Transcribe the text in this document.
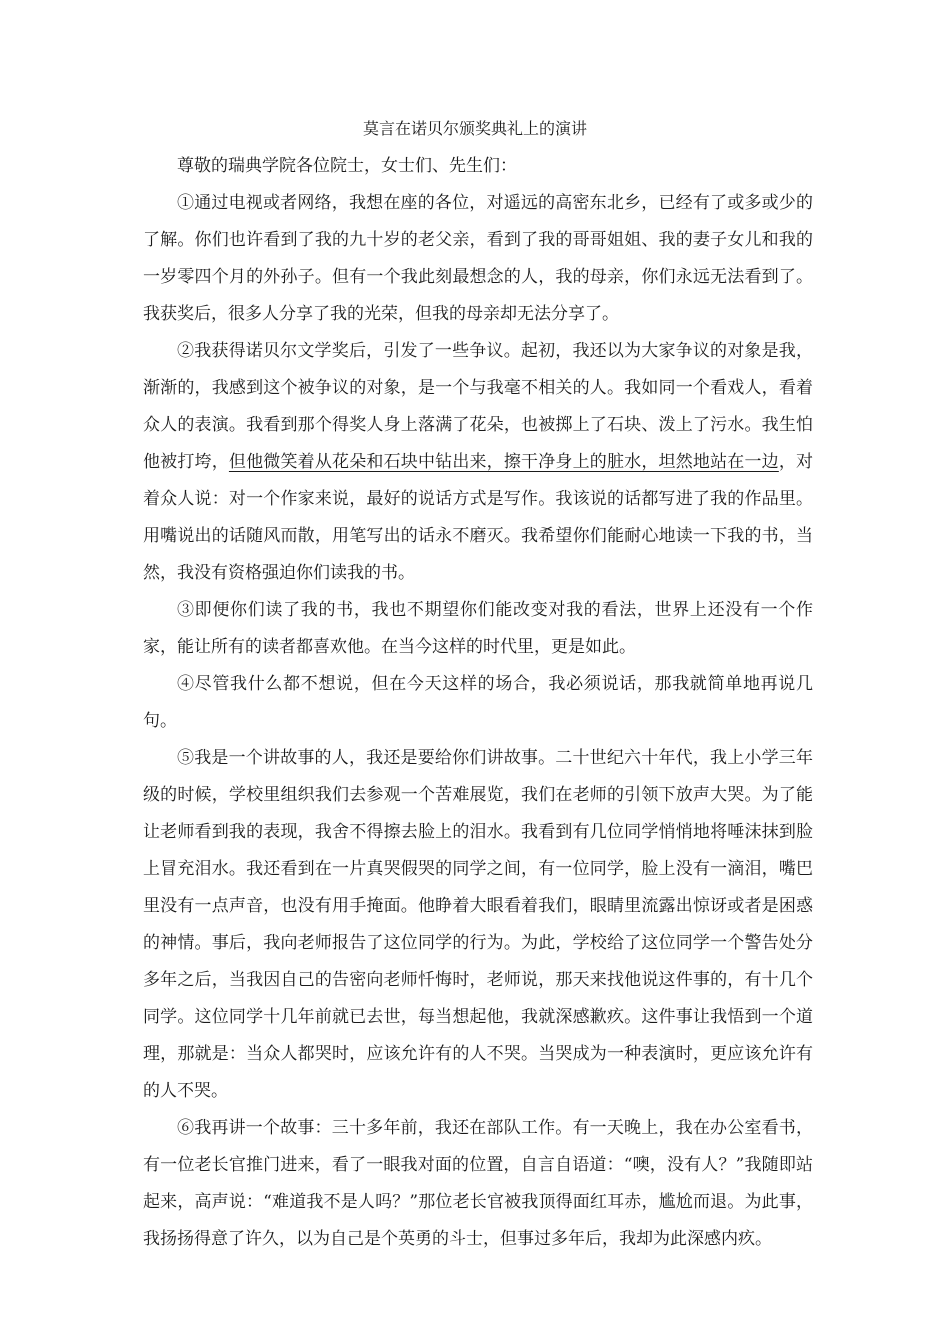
莫言在诺贝尔颁奖典礼上的演讲

尊敬的瑞典学院各位院士，女士们、先生们：

①通过电视或者网络，我想在座的各位，对遥远的高密东北乡，已经有了或多或少的了解。你们也许看到了我的九十岁的老父亲，看到了我的哥哥姐姐、我的妻子女儿和我的一岁零四个月的外孙子。但有一个我此刻最想念的人，我的母亲，你们永远无法看到了。我获奖后，很多人分享了我的光荣，但我的母亲却无法分享了。

②我获得诺贝尔文学奖后，引发了一些争议。起初，我还以为大家争议的对象是我，渐渐的，我感到这个被争议的对象，是一个与我毫不相关的人。我如同一个看戏人，看着众人的表演。我看到那个得奖人身上落满了花朵，也被掷上了石块、泼上了污水。我生怕他被打垮，但他微笑着从花朵和石块中钻出来，擦干净身上的脏水，坦然地站在一边，对着众人说：对一个作家来说，最好的说话方式是写作。我该说的话都写进了我的作品里。用嘴说出的话随风而散，用笔写出的话永不磨灭。我希望你们能耐心地读一下我的书，当然，我没有资格强迫你们读我的书。

③即便你们读了我的书，我也不期望你们能改变对我的看法，世界上还没有一个作家，能让所有的读者都喜欢他。在当今这样的时代里，更是如此。

④尽管我什么都不想说，但在今天这样的场合，我必须说话，那我就简单地再说几句。

⑤我是一个讲故事的人，我还是要给你们讲故事。二十世纪六十年代，我上小学三年级的时候，学校里组织我们去参观一个苦难展览，我们在老师的引领下放声大哭。为了能让老师看到我的表现，我舍不得擦去脸上的泪水。我看到有几位同学悄悄地将唾沫抹到脸上冒充泪水。我还看到在一片真哭假哭的同学之间，有一位同学，脸上没有一滴泪，嘴巴里没有一点声音，也没有用手掩面。他睁着大眼看着我们，眼睛里流露出惊讶或者是困惑的神情。事后，我向老师报告了这位同学的行为。为此，学校给了这位同学一个警告处分多年之后，当我因自己的告密向老师忏悔时，老师说，那天来找他说这件事的，有十几个同学。这位同学十几年前就已去世，每当想起他，我就深感歉疚。这件事让我悟到一个道理，那就是：当众人都哭时，应该允许有的人不哭。当哭成为一种表演时，更应该允许有的人不哭。

⑥我再讲一个故事：三十多年前，我还在部队工作。有一天晚上，我在办公室看书，有一位老长官推门进来，看了一眼我对面的位置，自言自语道：“噢，没有人？”我随即站起来，高声说：“难道我不是人吗？”那位老长官被我顶得面红耳赤，尴尬而退。为此事，我扬扬得意了许久，以为自己是个英勇的斗士，但事过多年后，我却为此深感内疚。
